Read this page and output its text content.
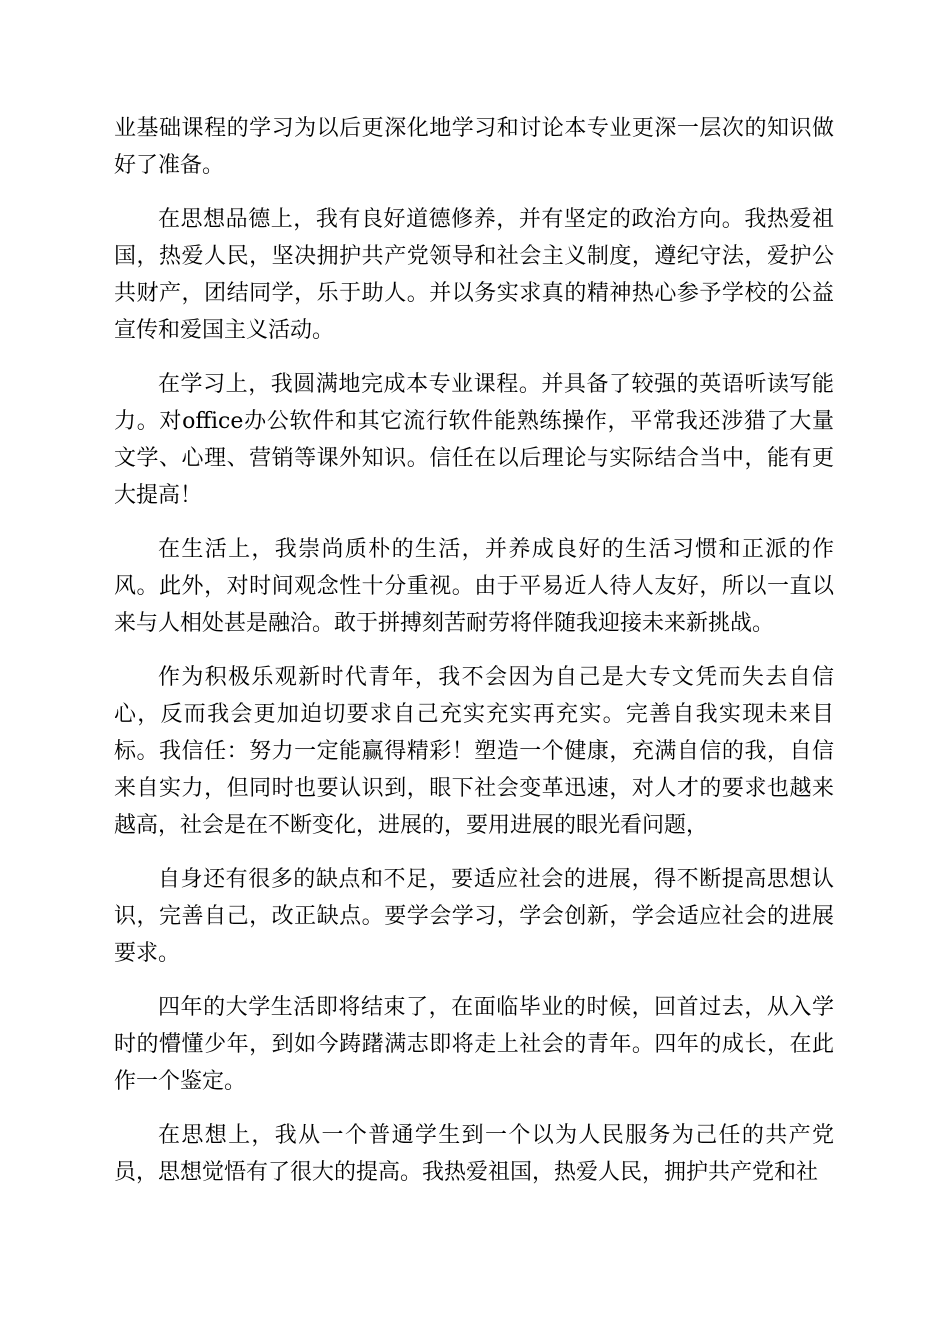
业基础课程的学习为以后更深化地学习和讨论本专业更深一层次的知识做好了准备。

在思想品德上，我有良好道德修养，并有坚定的政治方向。我热爱祖国，热爱人民，坚决拥护共产党领导和社会主义制度，遵纪守法，爱护公共财产，团结同学，乐于助人。并以务实求真的精神热心参予学校的公益宣传和爱国主义活动。

在学习上，我圆满地完成本专业课程。并具备了较强的英语听读写能力。对office办公软件和其它流行软件能熟练操作，平常我还涉猎了大量文学、心理、营销等课外知识。信任在以后理论与实际结合当中，能有更大提高！

在生活上，我崇尚质朴的生活，并养成良好的生活习惯和正派的作风。此外，对时间观念性十分重视。由于平易近人待人友好，所以一直以来与人相处甚是融洽。敢于拼搏刻苦耐劳将伴随我迎接未来新挑战。

作为积极乐观新时代青年，我不会因为自己是大专文凭而失去自信心，反而我会更加迫切要求自己充实充实再充实。完善自我实现未来目标。我信任：努力一定能赢得精彩！塑造一个健康，充满自信的我，自信来自实力，但同时也要认识到，眼下社会变革迅速，对人才的要求也越来越高，社会是在不断变化，进展的，要用进展的眼光看问题，

自身还有很多的缺点和不足，要适应社会的进展，得不断提高思想认识，完善自己，改正缺点。要学会学习，学会创新，学会适应社会的进展要求。

四年的大学生活即将结束了，在面临毕业的时候，回首过去，从入学时的懵懂少年，到如今踌躇满志即将走上社会的青年。四年的成长，在此作一个鉴定。

在思想上，我从一个普通学生到一个以为人民服务为己任的共产党员，思想觉悟有了很大的提高。我热爱祖国，热爱人民，拥护共产党和社
